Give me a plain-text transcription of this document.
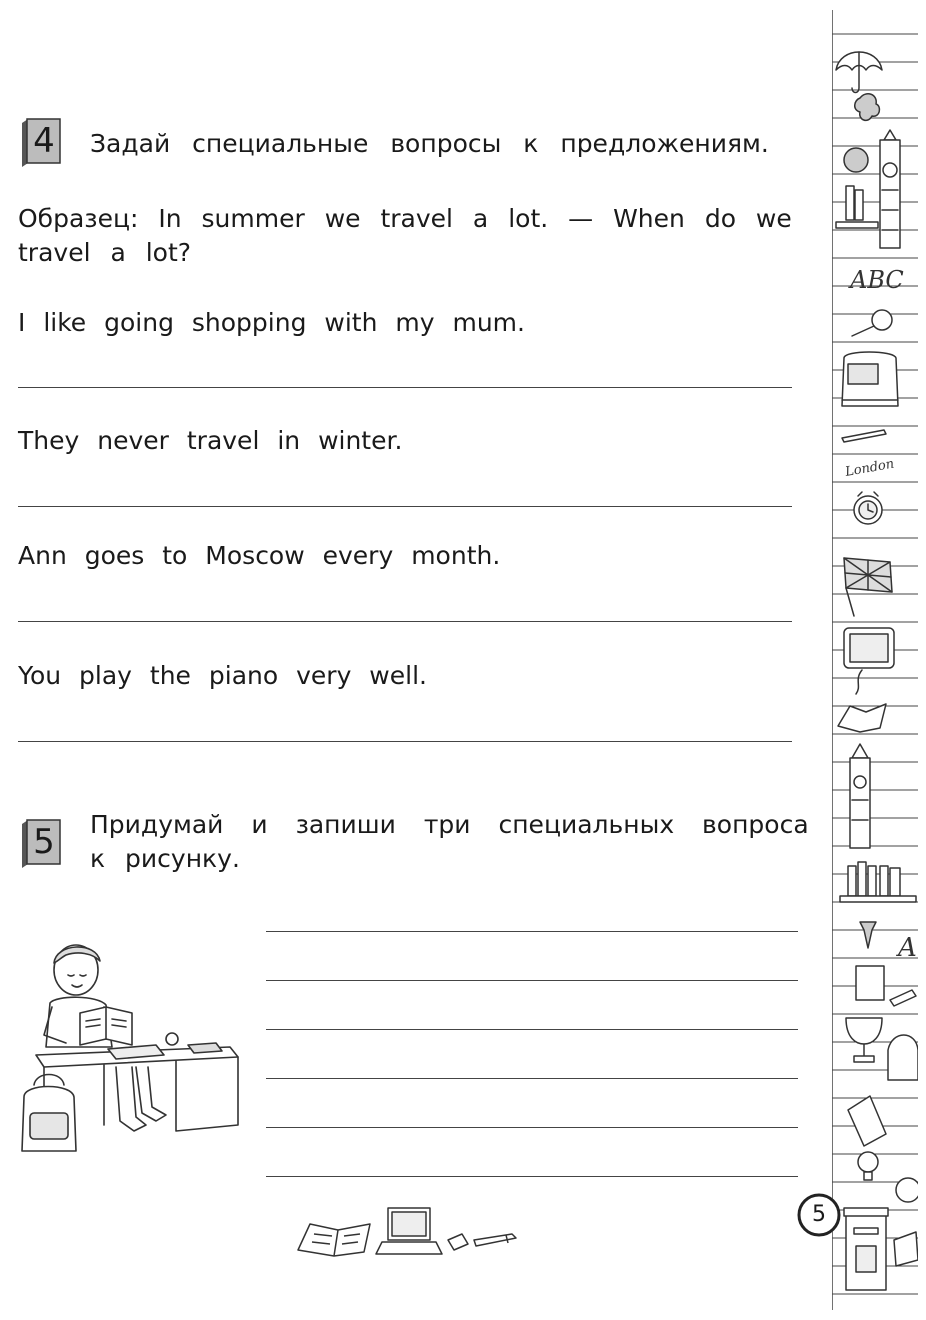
4 Задай специальные вопросы к предложениям.
Образец: In summer we travel a lot. — When do we
travel a lot?
I like going shopping with my mum.
They never travel in winter.
Ann goes to Moscow every month.
You play the piano very well.
5 Придумай и запиши три специальных вопроса
к рисунку.
ABC
London
A
5
